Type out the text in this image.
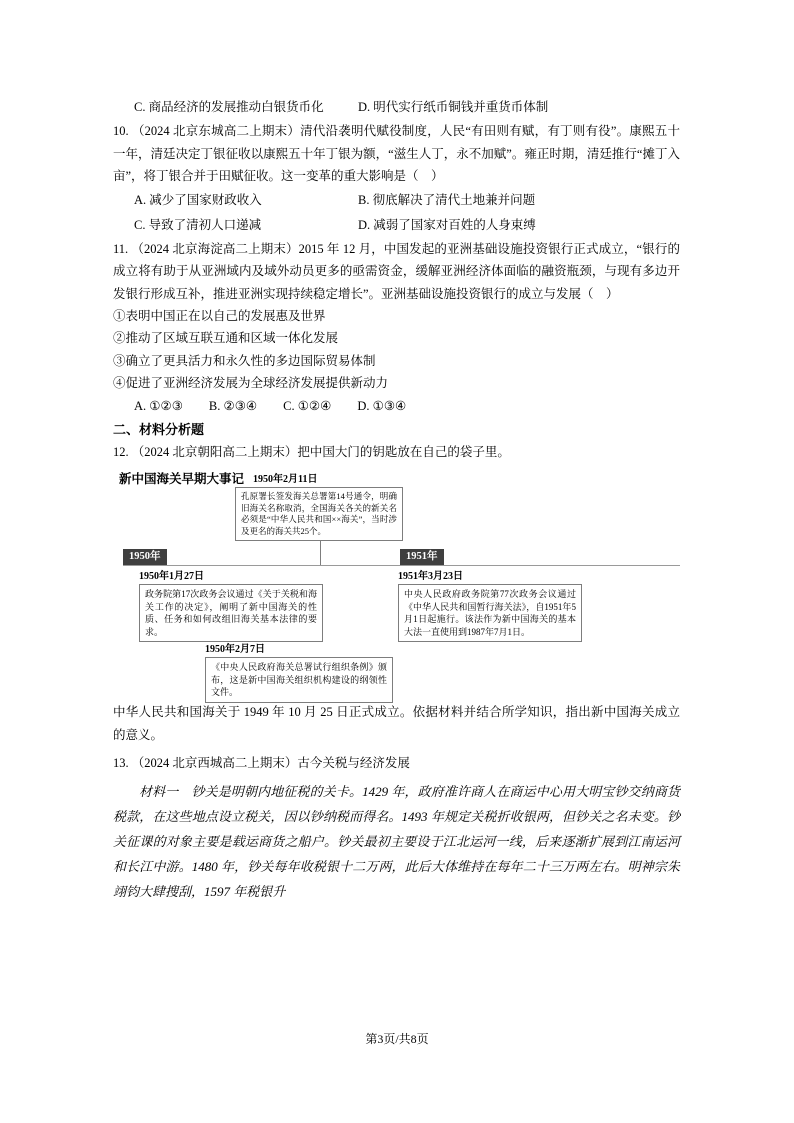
C. 商品经济的发展推动白银货币化	D. 明代实行纸币铜钱并重货币体制

10. （2024 北京东城高二上期末）清代沿袭明代赋役制度，人民“有田则有赋，有丁则有役”。康熙五十一年，清廷决定丁银征收以康熙五十年丁银为额，“滋生人丁，永不加赋”。雍正时期，清廷推行“摊丁入亩”，将丁银合并于田赋征收。这一变革的重大影响是（　）

A. 减少了国家财政收入	B. 彻底解决了清代土地兼并问题
C. 导致了清初人口递减	D. 减弱了国家对百姓的人身束缚

11. （2024 北京海淀高二上期末）2015 年 12 月，中国发起的亚洲基础设施投资银行正式成立，“银行的成立将有助于从亚洲域内及域外动员更多的亟需资金，缓解亚洲经济体面临的融资瓶颈，与现有多边开发银行形成互补，推进亚洲实现持续稳定增长”。亚洲基础设施投资银行的成立与发展（　）

①表明中国正在以自己的发展惠及世界

②推动了区域互联互通和区域一体化发展

③确立了更具活力和永久性的多边国际贸易体制

④促进了亚洲经济发展为全球经济发展提供新动力

A. ①②③ B. ②③④ C. ①②④ D. ①③④

二、材料分析题

12. （2024 北京朝阳高二上期末）把中国大门的钥匙放在自己的袋子里。

新中国海关早期大事记 1950年2月11日
孔原署长签发海关总署第14号通令，明确旧海关名称取消，全国海关各关的新关名必须是“中华人民共和国××海关”，当时涉及更名的海关共25个。
1950年	1951年
1950年1月27日
政务院第17次政务会议通过《关于关税和海关工作的决定》，阐明了新中国海关的性质、任务和如何改组旧海关基本法律的要求。
1951年3月23日
中央人民政府政务院第77次政务会议通过《中华人民共和国暂行海关法》，自1951年5月1日起施行。该法作为新中国海关的基本大法一直使用到1987年7月1日。
1950年2月7日
《中央人民政府海关总署试行组织条例》颁布，这是新中国海关组织机构建设的纲领性文件。

中华人民共和国海关于 1949 年 10 月 25 日正式成立。依据材料并结合所学知识，指出新中国海关成立的意义。

13. （2024 北京西城高二上期末）古今关税与经济发展

材料一　钞关是明朝内地征税的关卡。1429 年，政府准许商人在商运中心用大明宝钞交纳商货税款，在这些地点设立税关，因以钞纳税而得名。1493 年规定关税折收银两，但钞关之名未变。钞关征课的对象主要是载运商货之船户。钞关最初主要设于江北运河一线，后来逐渐扩展到江南运河和长江中游。1480 年，钞关每年收税银十二万两，此后大体维持在每年二十三万两左右。明神宗朱翊钧大肆搜刮，1597 年税银升

第3页/共8页
